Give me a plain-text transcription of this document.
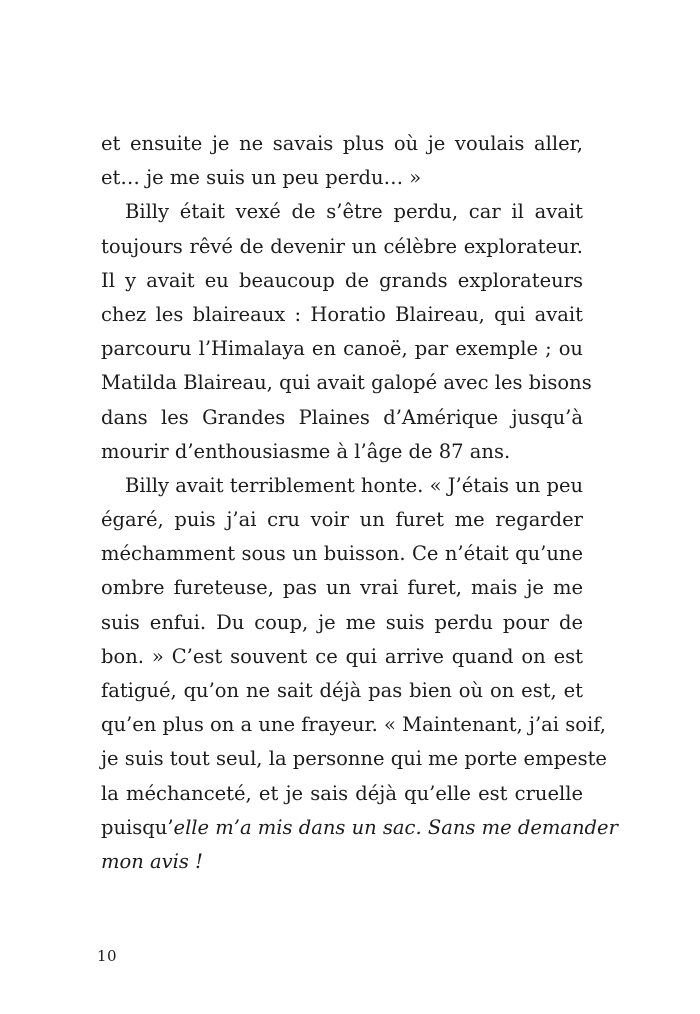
et ensuite je ne savais plus où je voulais aller,
et… je me suis un peu perdu… »
Billy était vexé de s’être perdu, car il avait
toujours rêvé de devenir un célèbre explorateur.
Il y avait eu beaucoup de grands explorateurs
chez les blaireaux : Horatio Blaireau, qui avait
parcouru l’Himalaya en canoë, par exemple ; ou
Matilda Blaireau, qui avait galopé avec les bisons
dans les Grandes Plaines d’Amérique jusqu’à
mourir d’enthousiasme à l’âge de 87 ans.
Billy avait terriblement honte. « J’étais un peu
égaré, puis j’ai cru voir un furet me regarder
méchamment sous un buisson. Ce n’était qu’une
ombre fureteuse, pas un vrai furet, mais je me
suis enfui. Du coup, je me suis perdu pour de
bon. » C’est souvent ce qui arrive quand on est
fatigué, qu’on ne sait déjà pas bien où on est, et
qu’en plus on a une frayeur. « Maintenant, j’ai soif,
je suis tout seul, la personne qui me porte empeste
la méchanceté, et je sais déjà qu’elle est cruelle
puisqu’elle m’a mis dans un sac. Sans me demander
mon avis !
10
